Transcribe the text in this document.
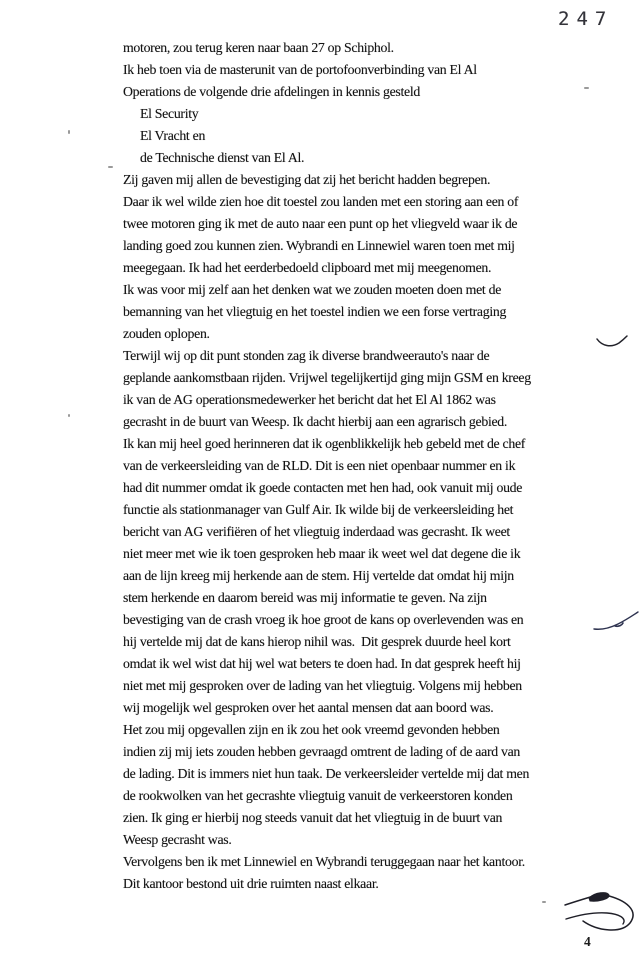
247
motoren, zou terug keren naar baan 27 op Schiphol.
Ik heb toen via de masterunit van de portofoonverbinding van El Al
Operations de volgende drie afdelingen in kennis gesteld
El Security
El Vracht en
de Technische dienst van El Al.
Zij gaven mij allen de bevestiging dat zij het bericht hadden begrepen.
Daar ik wel wilde zien hoe dit toestel zou landen met een storing aan een of
twee motoren ging ik met de auto naar een punt op het vliegveld waar ik de
landing goed zou kunnen zien. Wybrandi en Linnewiel waren toen met mij
meegegaan. Ik had het eerderbedoeld clipboard met mij meegenomen.
Ik was voor mij zelf aan het denken wat we zouden moeten doen met de
bemanning van het vliegtuig en het toestel indien we een forse vertraging
zouden oplopen.
Terwijl wij op dit punt stonden zag ik diverse brandweerauto's naar de
geplande aankomstbaan rijden. Vrijwel tegelijkertijd ging mijn GSM en kreeg
ik van de AG operationsmedewerker het bericht dat het El Al 1862 was
gecrasht in de buurt van Weesp. Ik dacht hierbij aan een agrarisch gebied.
Ik kan mij heel goed herinneren dat ik ogenblikkelijk heb gebeld met de chef
van de verkeersleiding van de RLD. Dit is een niet openbaar nummer en ik
had dit nummer omdat ik goede contacten met hen had, ook vanuit mij oude
functie als stationmanager van Gulf Air. Ik wilde bij de verkeersleiding het
bericht van AG verifiëren of het vliegtuig inderdaad was gecrasht. Ik weet
niet meer met wie ik toen gesproken heb maar ik weet wel dat degene die ik
aan de lijn kreeg mij herkende aan de stem. Hij vertelde dat omdat hij mijn
stem herkende en daarom bereid was mij informatie te geven. Na zijn
bevestiging van de crash vroeg ik hoe groot de kans op overlevenden was en
hij vertelde mij dat de kans hierop nihil was.  Dit gesprek duurde heel kort
omdat ik wel wist dat hij wel wat beters te doen had. In dat gesprek heeft hij
niet met mij gesproken over de lading van het vliegtuig. Volgens mij hebben
wij mogelijk wel gesproken over het aantal mensen dat aan boord was.
Het zou mij opgevallen zijn en ik zou het ook vreemd gevonden hebben
indien zij mij iets zouden hebben gevraagd omtrent de lading of de aard van
de lading. Dit is immers niet hun taak. De verkeersleider vertelde mij dat men
de rookwolken van het gecrashte vliegtuig vanuit de verkeerstoren konden
zien. Ik ging er hierbij nog steeds vanuit dat het vliegtuig in de buurt van
Weesp gecrasht was.
Vervolgens ben ik met Linnewiel en Wybrandi teruggegaan naar het kantoor.
Dit kantoor bestond uit drie ruimten naast elkaar.
4
